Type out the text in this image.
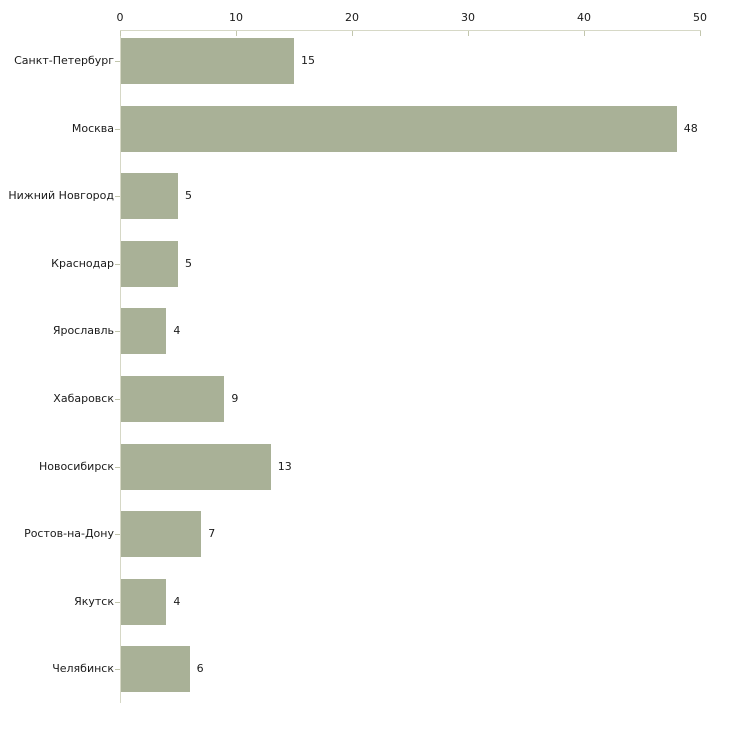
0	10	20	30	40	50
Санкт-Петербург	15
Москва	48
Нижний Новгород	5
Краснодар	5
Ярославль	4
Хабаровск	9
Новосибирск	13
Ростов-на-Дону	7
Якутск	4
Челябинск	6
